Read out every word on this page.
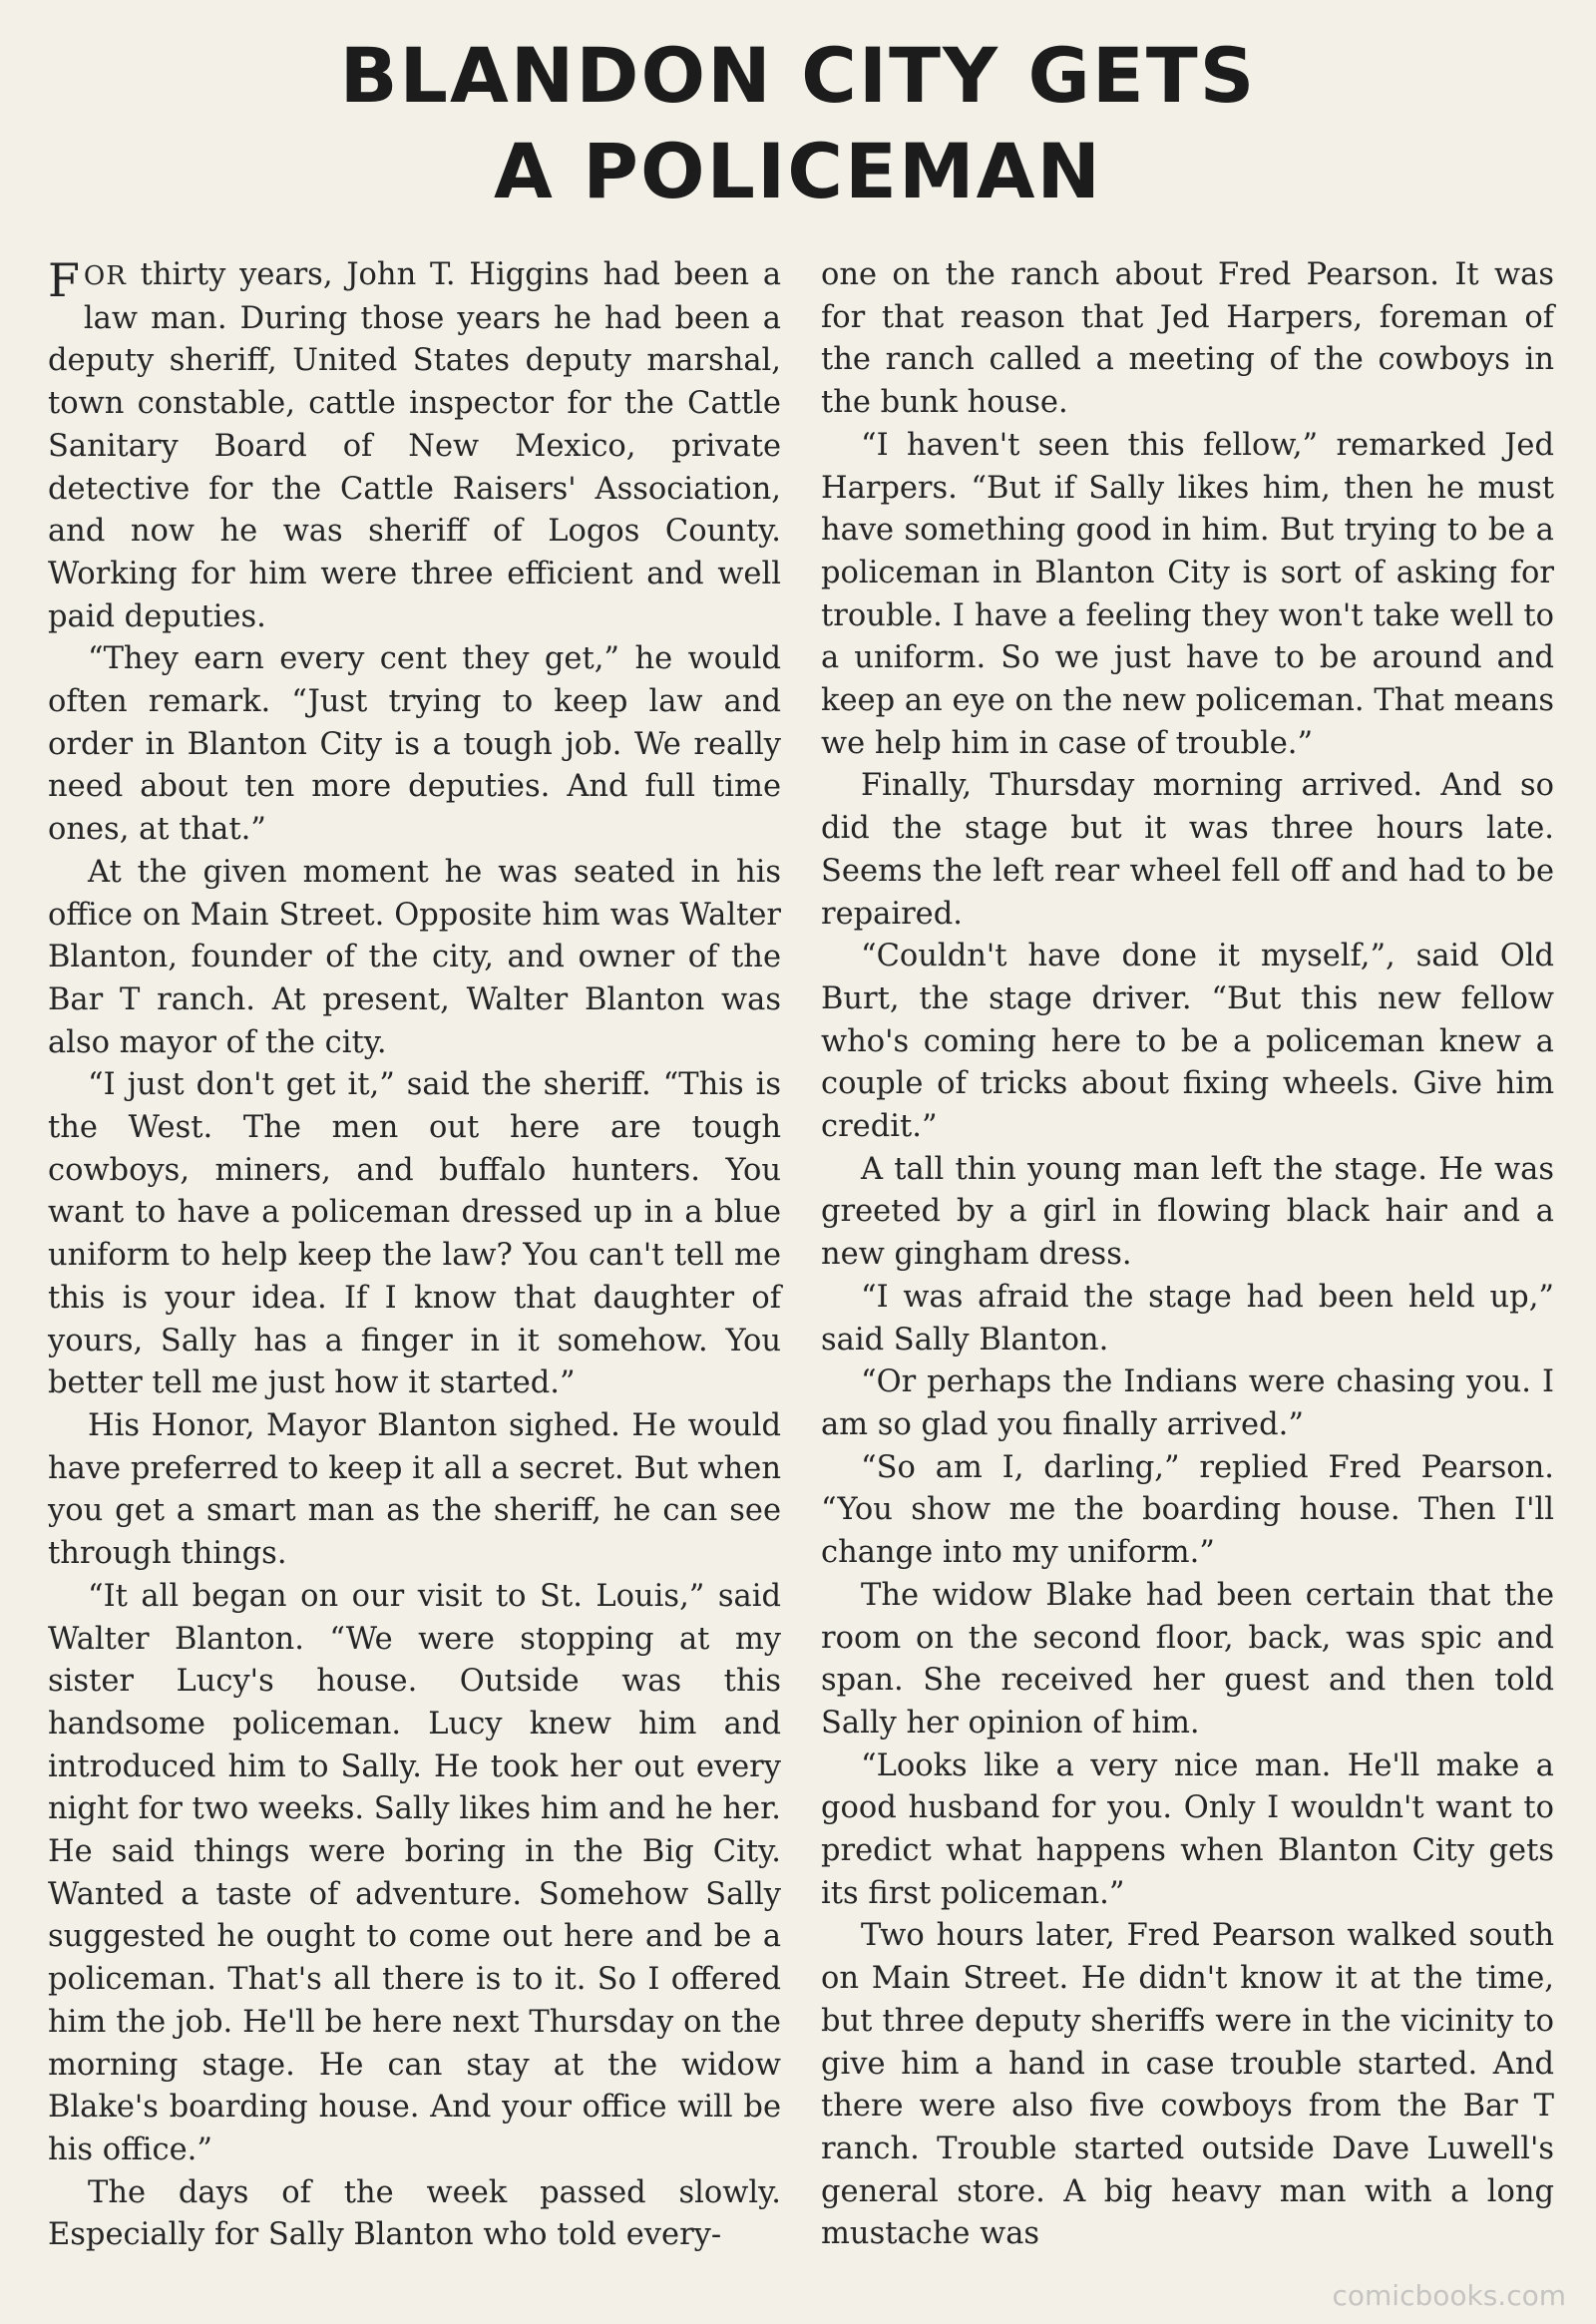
BLANDON CITY GETS
A POLICEMAN

FOR thirty years, John T. Higgins had been a law man. During those years he had been a deputy sheriff, United States deputy marshal, town constable, cattle inspector for the Cattle Sanitary Board of New Mexico, private detective for the Cattle Raisers' Association, and now he was sheriff of Logos County. Working for him were three efficient and well paid deputies.

“They earn every cent they get,” he would often remark. “Just trying to keep law and order in Blanton City is a tough job. We really need about ten more deputies. And full time ones, at that.”

At the given moment he was seated in his office on Main Street. Opposite him was Walter Blanton, founder of the city, and owner of the Bar T ranch. At present, Walter Blanton was also mayor of the city.

“I just don't get it,” said the sheriff. “This is the West. The men out here are tough cowboys, miners, and buffalo hunters. You want to have a policeman dressed up in a blue uniform to help keep the law? You can't tell me this is your idea. If I know that daughter of yours, Sally has a finger in it somehow. You better tell me just how it started.”

His Honor, Mayor Blanton sighed. He would have preferred to keep it all a secret. But when you get a smart man as the sheriff, he can see through things.

“It all began on our visit to St. Louis,” said Walter Blanton. “We were stopping at my sister Lucy's house. Outside was this handsome policeman. Lucy knew him and introduced him to Sally. He took her out every night for two weeks. Sally likes him and he her. He said things were boring in the Big City. Wanted a taste of adventure. Somehow Sally suggested he ought to come out here and be a policeman. That's all there is to it. So I offered him the job. He'll be here next Thursday on the morning stage. He can stay at the widow Blake's boarding house. And your office will be his office.”

The days of the week passed slowly. Especially for Sally Blanton who told every-

one on the ranch about Fred Pearson. It was for that reason that Jed Harpers, foreman of the ranch called a meeting of the cowboys in the bunk house.

“I haven't seen this fellow,” remarked Jed Harpers. “But if Sally likes him, then he must have something good in him. But trying to be a policeman in Blanton City is sort of asking for trouble. I have a feeling they won't take well to a uniform. So we just have to be around and keep an eye on the new policeman. That means we help him in case of trouble.”

Finally, Thursday morning arrived. And so did the stage but it was three hours late. Seems the left rear wheel fell off and had to be repaired.

“Couldn't have done it myself,”, said Old Burt, the stage driver. “But this new fellow who's coming here to be a policeman knew a couple of tricks about fixing wheels. Give him credit.”

A tall thin young man left the stage. He was greeted by a girl in flowing black hair and a new gingham dress.

“I was afraid the stage had been held up,” said Sally Blanton.

“Or perhaps the Indians were chasing you. I am so glad you finally arrived.”

“So am I, darling,” replied Fred Pearson. “You show me the boarding house. Then I'll change into my uniform.”

The widow Blake had been certain that the room on the second floor, back, was spic and span. She received her guest and then told Sally her opinion of him.

“Looks like a very nice man. He'll make a good husband for you. Only I wouldn't want to predict what happens when Blanton City gets its first policeman.”

Two hours later, Fred Pearson walked south on Main Street. He didn't know it at the time, but three deputy sheriffs were in the vicinity to give him a hand in case trouble started. And there were also five cowboys from the Bar T ranch. Trouble started outside Dave Luwell's general store. A big heavy man with a long mustache was

comicbooks.com
